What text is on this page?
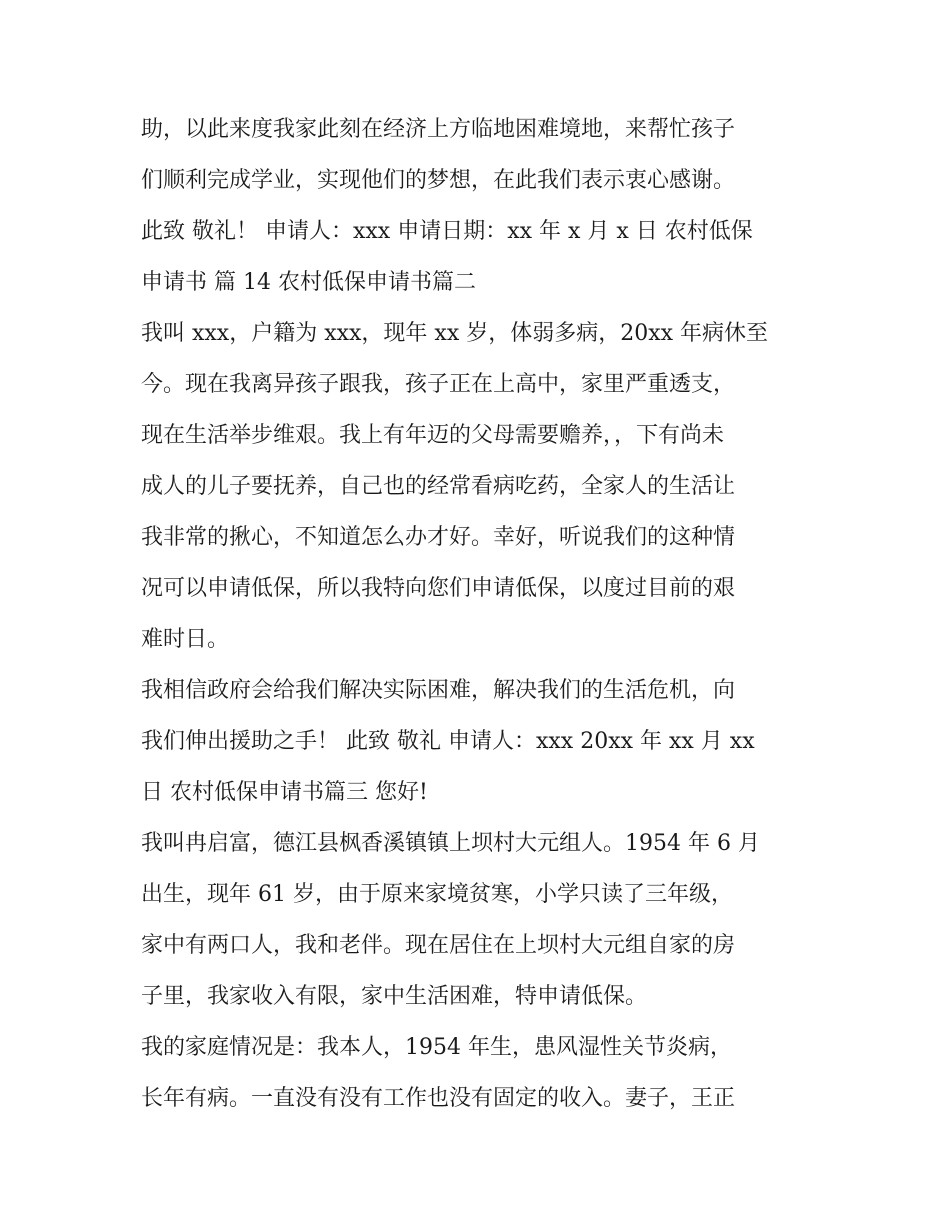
助，以此来度我家此刻在经济上方临地困难境地，来帮忙孩子
们顺利完成学业，实现他们的梦想，在此我们表示衷心感谢。
此致 敬礼！ 申请人：xxx 申请日期：xx 年 x 月 x 日 农村低保
申请书 篇 14 农村低保申请书篇二
我叫 xxx，户籍为 xxx，现年 xx 岁，体弱多病，20xx 年病休至
今。现在我离异孩子跟我，孩子正在上高中，家里严重透支，
现在生活举步维艰。我上有年迈的父母需要赡养，，下有尚未
成人的儿子要抚养，自己也的经常看病吃药，全家人的生活让
我非常的揪心，不知道怎么办才好。幸好，听说我们的这种情
况可以申请低保，所以我特向您们申请低保，以度过目前的艰
难时日。
我相信政府会给我们解决实际困难，解决我们的生活危机，向
我们伸出援助之手！ 此致 敬礼 申请人：xxx 20xx 年 xx 月 xx
日 农村低保申请书篇三 您好!
我叫冉启富，德江县枫香溪镇镇上坝村大元组人。1954 年 6 月
出生，现年 61 岁，由于原来家境贫寒，小学只读了三年级，
家中有两口人，我和老伴。现在居住在上坝村大元组自家的房
子里，我家收入有限，家中生活困难，特申请低保。
我的家庭情况是：我本人，1954 年生，患风湿性关节炎病，
长年有病。一直没有没有工作也没有固定的收入。妻子，王正
